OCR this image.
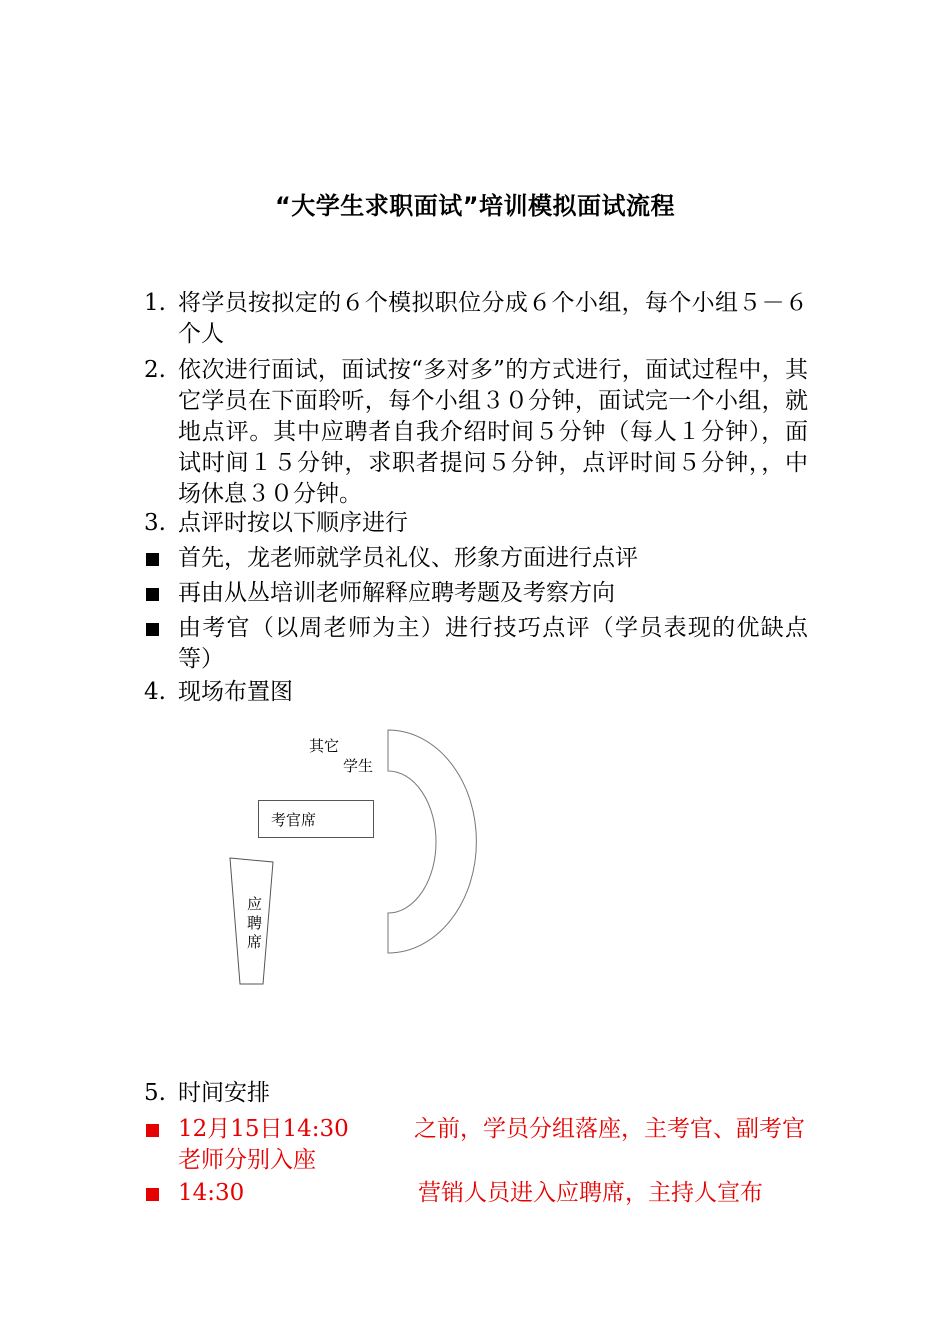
“大学生求职面试”培训模拟面试流程
1. 将学员按拟定的６个模拟职位分成６个小组，每个小组５－６个人
2. 依次进行面试，面试按“多对多”的方式进行，面试过程中，其它学员在下面聆听，每个小组３０分钟，面试完一个小组，就地点评。其中应聘者自我介绍时间５分钟（每人１分钟），面试时间１５分钟，求职者提问５分钟，点评时间５分钟，，中场休息３０分钟。
3. 点评时按以下顺序进行
首先，龙老师就学员礼仪、形象方面进行点评
再由从丛培训老师解释应聘考题及考察方向
由考官（以周老师为主）进行技巧点评（学员表现的优缺点等）
4. 现场布置图
其它
学生
考官席
应
聘
席
5. 时间安排
12月15日14:30	之前，学员分组落座，主考官、副考官老师分别入座
14:30	营销人员进入应聘席，主持人宣布
